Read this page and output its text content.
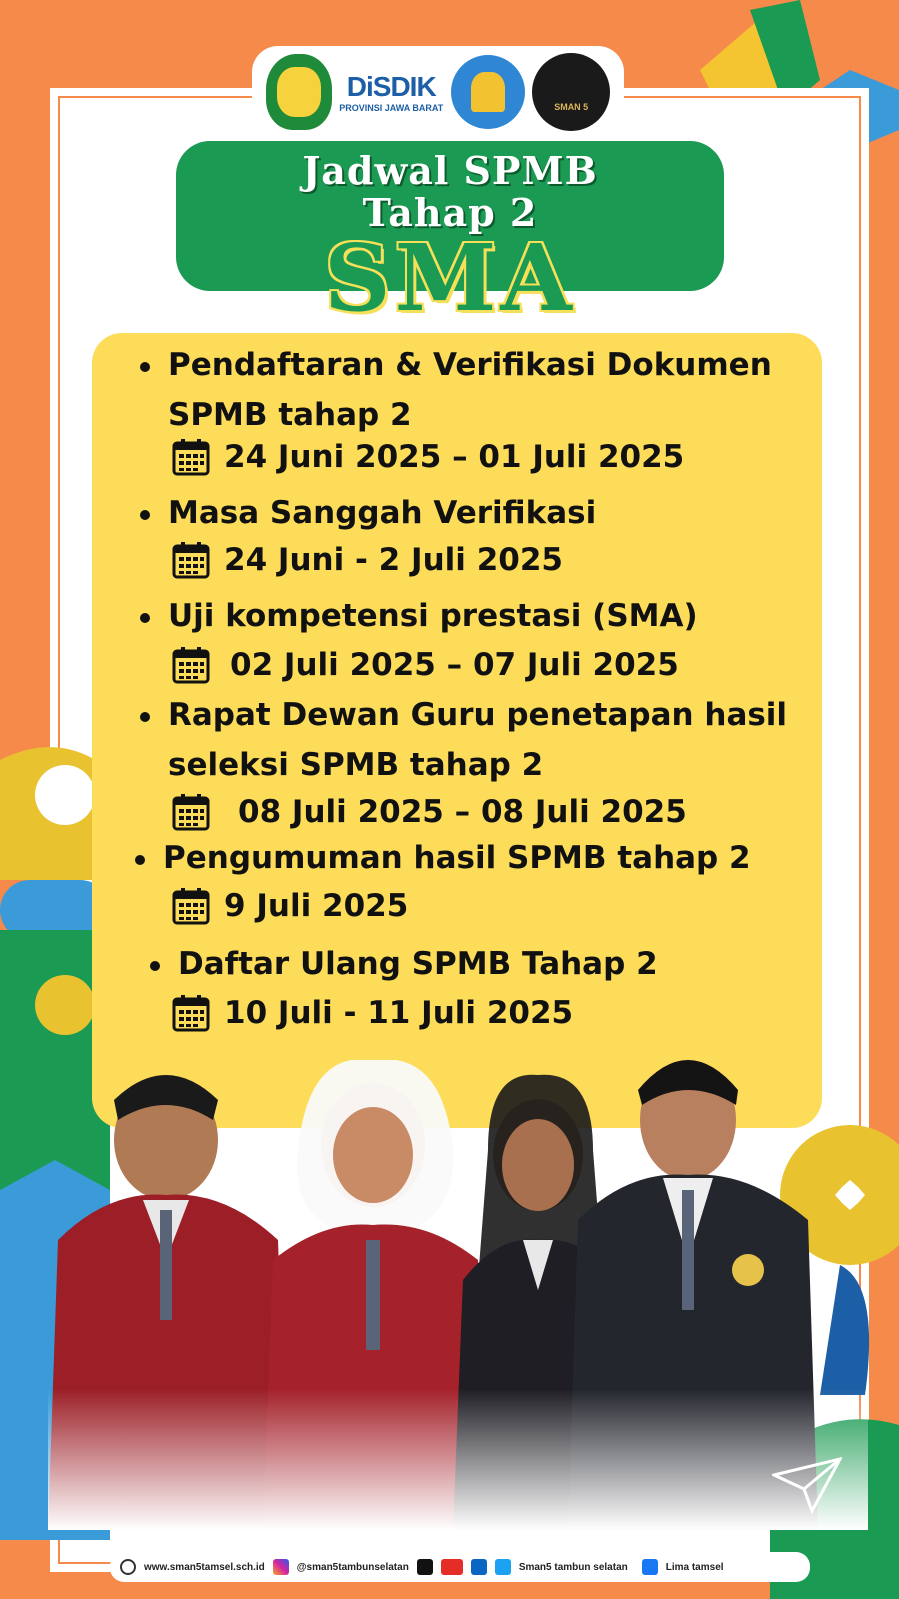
DiSDIK
PROVINSI JAWA BARAT	SMAN 5
Jadwal SPMB
Tahap 2
SMA
Pendaftaran & Verifikasi Dokumen
SPMB tahap 2
24 Juni 2025 – 01 Juli 2025
Masa Sanggah Verifikasi
24 Juni - 2 Juli 2025
Uji kompetensi prestasi (SMA)
02 Juli 2025 – 07 Juli 2025
Rapat Dewan Guru penetapan hasil
seleksi SPMB tahap 2
08 Juli 2025 – 08 Juli 2025
Pengumuman hasil SPMB tahap 2
9 Juli 2025
Daftar Ulang SPMB Tahap 2
10 Juli - 11 Juli 2025
www.sman5tamsel.sch.id	@sman5tambunselatan	Sman5 tambun selatan	Lima tamsel
